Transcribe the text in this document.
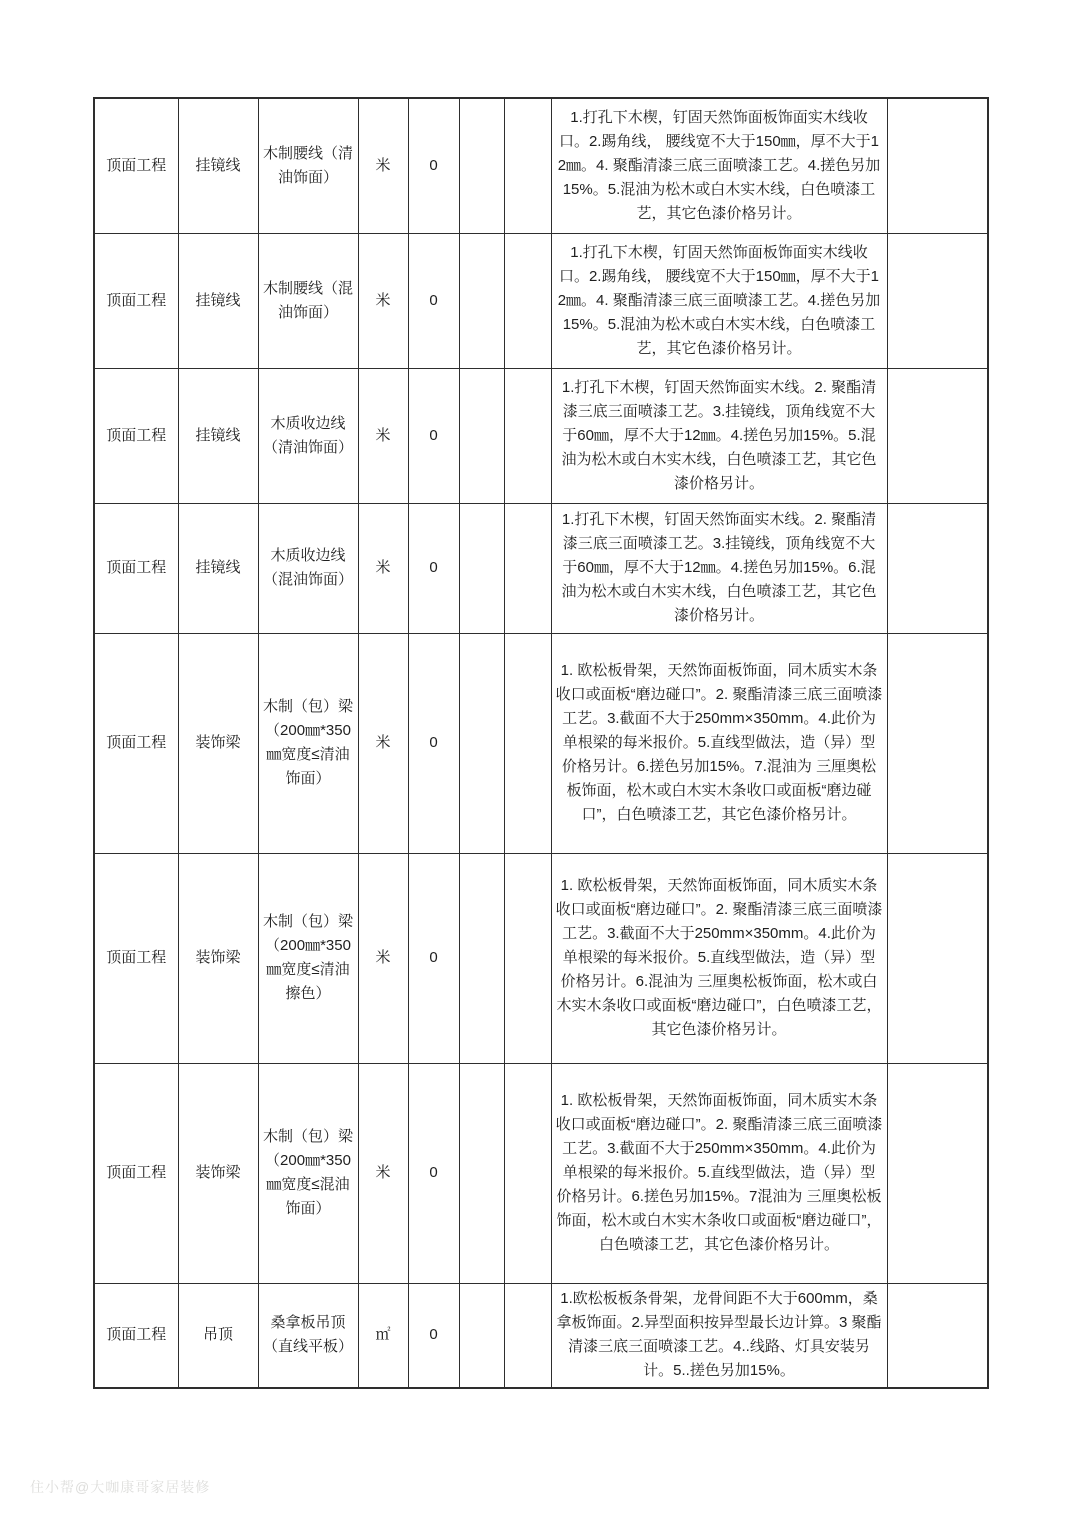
顶面工程	挂镜线	木制腰线（清油饰面）	米	0			1.打孔下木楔，钉固天然饰面板饰面实木线收口。2.踢角线， 腰线宽不大于150㎜，厚不大于12㎜。4. 聚酯清漆三底三面喷漆工艺。4.搓色另加15%。5.混油为松木或白木实木线，白色喷漆工艺，其它色漆价格另计。	
顶面工程	挂镜线	木制腰线（混油饰面）	米	0			1.打孔下木楔，钉固天然饰面板饰面实木线收口。2.踢角线， 腰线宽不大于150㎜，厚不大于12㎜。4. 聚酯清漆三底三面喷漆工艺。4.搓色另加15%。5.混油为松木或白木实木线，白色喷漆工艺，其它色漆价格另计。	
顶面工程	挂镜线	木质收边线（清油饰面）	米	0			1.打孔下木楔，钉固天然饰面实木线。2. 聚酯清漆三底三面喷漆工艺。3.挂镜线，顶角线宽不大于60㎜，厚不大于12㎜。4.搓色另加15%。5.混油为松木或白木实木线，白色喷漆工艺，其它色漆价格另计。	
顶面工程	挂镜线	木质收边线（混油饰面）	米	0			1.打孔下木楔，钉固天然饰面实木线。2. 聚酯清漆三底三面喷漆工艺。3.挂镜线，顶角线宽不大于60㎜，厚不大于12㎜。4.搓色另加15%。6.混油为松木或白木实木线，白色喷漆工艺，其它色漆价格另计。	
顶面工程	装饰梁	木制（包）梁（200㎜*350㎜宽度≤清油饰面）	米	0			1. 欧松板骨架，天然饰面板饰面，同木质实木条收口或面板“磨边碰口”。2. 聚酯清漆三底三面喷漆工艺。3.截面不大于250mm×350mm。4.此价为单根梁的每米报价。5.直线型做法，造（异）型价格另计。6.搓色另加15%。7.混油为 三厘奥松板饰面，松木或白木实木条收口或面板“磨边碰口”，白色喷漆工艺，其它色漆价格另计。	
顶面工程	装饰梁	木制（包）梁（200㎜*350㎜宽度≤清油擦色）	米	0			1. 欧松板骨架，天然饰面板饰面，同木质实木条收口或面板“磨边碰口”。2. 聚酯清漆三底三面喷漆工艺。3.截面不大于250mm×350mm。4.此价为单根梁的每米报价。5.直线型做法，造（异）型价格另计。6.混油为 三厘奥松板饰面，松木或白木实木条收口或面板“磨边碰口”，白色喷漆工艺，其它色漆价格另计。	
顶面工程	装饰梁	木制（包）梁（200㎜*350㎜宽度≤混油饰面）	米	0			1. 欧松板骨架，天然饰面板饰面，同木质实木条收口或面板“磨边碰口”。2. 聚酯清漆三底三面喷漆工艺。3.截面不大于250mm×350mm。4.此价为单根梁的每米报价。5.直线型做法，造（异）型价格另计。6.搓色另加15%。7混油为 三厘奥松板饰面，松木或白木实木条收口或面板“磨边碰口”，白色喷漆工艺，其它色漆价格另计。	
顶面工程	吊顶	桑拿板吊顶（直线平板）	㎡	0			1.欧松板板条骨架，龙骨间距不大于600mm，桑拿板饰面。2.异型面积按异型最长边计算。3 聚酯清漆三底三面喷漆工艺。4..线路、灯具安装另计。5..搓色另加15%。	
住小帮@大咖康哥家居装修
